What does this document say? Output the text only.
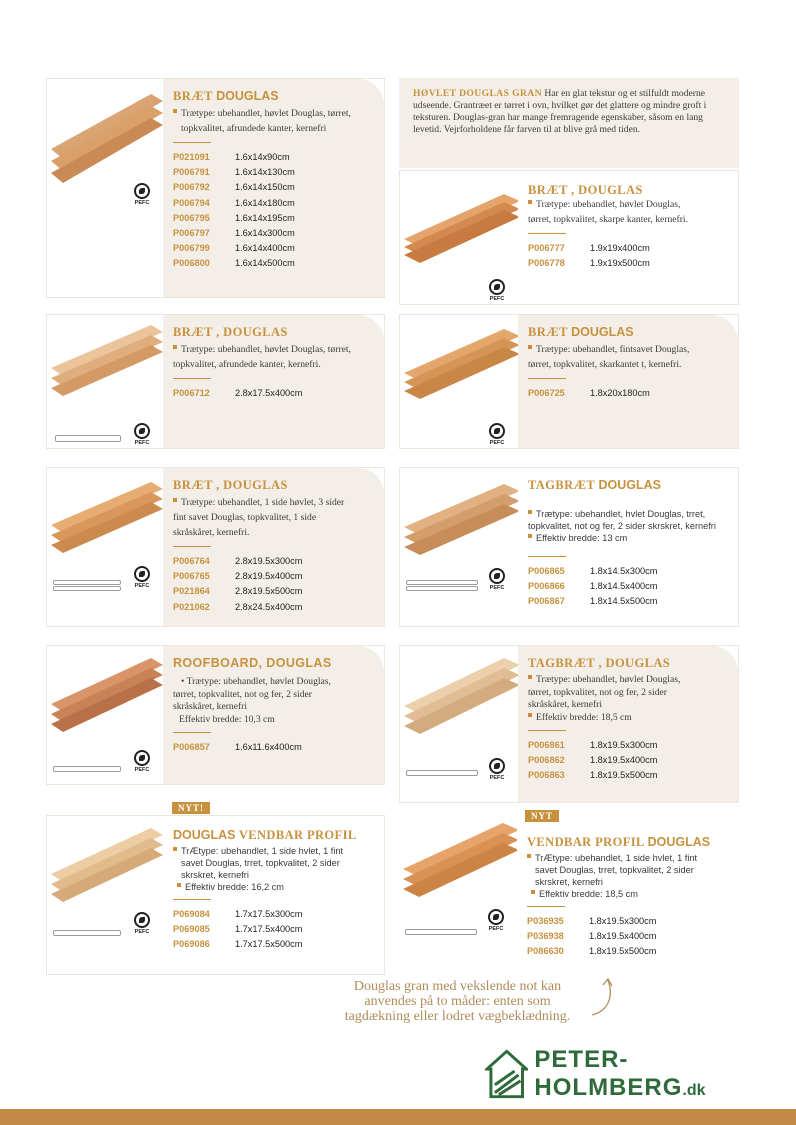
HØVLET DOUGLAS GRAN Har en glat tekstur og et stilfuldt moderne udseende. Grantræet er tørret i ovn, hvilket gør det glattere og mindre groft i teksturen. Douglas-gran har mange fremragende egenskaber, såsom en lang levetid. Vejrforholdene får farven til at blive grå med tiden.
PEFC
BRÆT DOUGLAS

Trætype: ubehandlet, høvlet Douglas, tørret,

topkvalitet, afrundede kanter, kernefri

P021091	1.6x14x90cm
P006791	1.6x14x130cm
P006792	1.6x14x150cm
P006794	1.6x14x180cm
P006795	1.6x14x195cm
P006797	1.6x14x300cm
P006799	1.6x14x400cm
P006800	1.6x14x500cm
PEFC
BRÆT , DOUGLAS

Trætype: ubehandlet, høvlet Douglas,

tørret, topkvalitet, skarpe kanter, kernefri.

P006777	1.9x19x400cm
P006778	1.9x19x500cm
PEFC
BRÆT , DOUGLAS

Trætype: ubehandlet, høvlet Douglas, tørret,

topkvalitet, afrundede kanter, kernefri.

P006712	2.8x17.5x400cm
PEFC
BRÆT DOUGLAS

Trætype: ubehandlet, fintsavet Douglas,

tørret, topkvalitet, skarkantet t, kernefri.

P006725	1.8x20x180cm
PEFC
BRÆT , DOUGLAS

Trætype: ubehandlet, 1 side høvlet, 3 sider

fint savet Douglas, topkvalitet, 1 side

skråskåret, kernefri.

P006764	2.8x19.5x300cm
P006765	2.8x19.5x400cm
P021864	2.8x19.5x500cm
P021062	2.8x24.5x400cm
PEFC
TAGBRÆT DOUGLAS

Trætype: ubehandlet, hvlet Douglas, trret,

topkvalitet, not og fer, 2 sider skrskret, kernefri

Effektiv bredde: 13 cm

P006865	1.8x14.5x300cm
P006866	1.8x14.5x400cm
P006867	1.8x14.5x500cm
PEFC
ROOFBOARD, DOUGLAS

• Trætype: ubehandlet, høvlet Douglas,

tørret, topkvalitet, not og fer, 2 sider

skråskåret, kernefri

Effektiv bredde: 10,3 cm

P006857	1.6x11.6x400cm
PEFC
TAGBRÆT , DOUGLAS

Trætype: ubehandlet, høvlet Douglas,

tørret, topkvalitet, not og fer, 2 sider

skråskåret, kernefri

Effektiv bredde: 18,5 cm

P006861	1.8x19.5x300cm
P006862	1.8x19.5x400cm
P006863	1.8x19.5x500cm
PEFC
DOUGLAS VENDBAR PROFIL

TrÆtype: ubehandlet, 1 side hvlet, 1 fint

savet Douglas, trret, topkvalitet, 2 sider

skrskret, kernefri

Effektiv bredde: 16,2 cm

P069084	1.7x17.5x300cm
P069085	1.7x17.5x400cm
P069086	1.7x17.5x500cm
NYT!
PEFC
VENDBAR PROFIL DOUGLAS

TrÆtype: ubehandlet, 1 side hvlet, 1 fint

savet Douglas, trret, topkvalitet, 2 sider

skrskret, kernefri

Effektiv bredde: 18,5 cm

P036935	1.8x19.5x300cm
P036938	1.8x19.5x400cm
P086630	1.8x19.5x500cm
NYT
Douglas gran med vekslende not kan anvendes på to måder: enten som tagdækning eller lodret vægbeklædning.
PETER-HOLMBERG.dk
